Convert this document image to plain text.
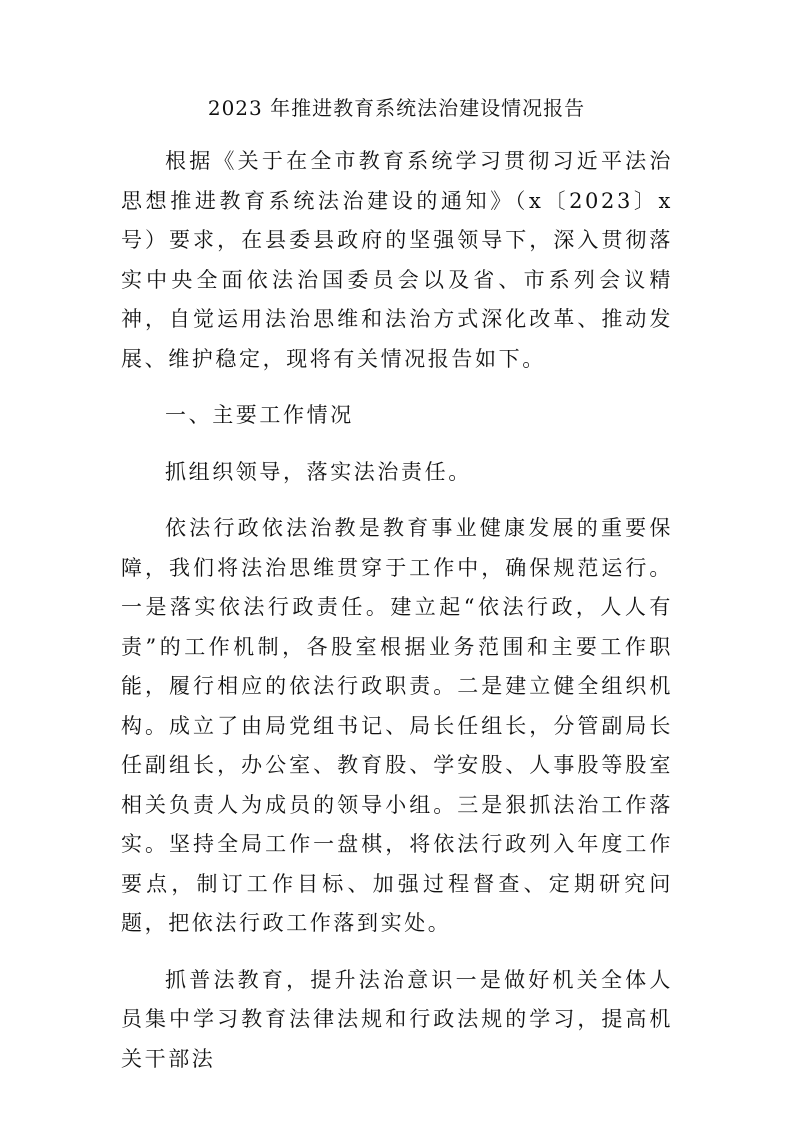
2023 年推进教育系统法治建设情况报告

根据《关于在全市教育系统学习贯彻习近平法治思想推进教育系统法治建设的通知》（x〔2023〕x 号）要求，在县委县政府的坚强领导下，深入贯彻落实中央全面依法治国委员会以及省、市系列会议精神，自觉运用法治思维和法治方式深化改革、推动发展、维护稳定，现将有关情况报告如下。

一、主要工作情况

抓组织领导，落实法治责任。

依法行政依法治教是教育事业健康发展的重要保障，我们将法治思维贯穿于工作中，确保规范运行。一是落实依法行政责任。建立起“依法行政，人人有责”的工作机制，各股室根据业务范围和主要工作职能，履行相应的依法行政职责。二是建立健全组织机构。成立了由局党组书记、局长任组长，分管副局长任副组长，办公室、教育股、学安股、人事股等股室相关负责人为成员的领导小组。三是狠抓法治工作落实。坚持全局工作一盘棋，将依法行政列入年度工作要点，制订工作目标、加强过程督查、定期研究问题，把依法行政工作落到实处。

抓普法教育，提升法治意识一是做好机关全体人员集中学习教育法律法规和行政法规的学习，提高机关干部法
